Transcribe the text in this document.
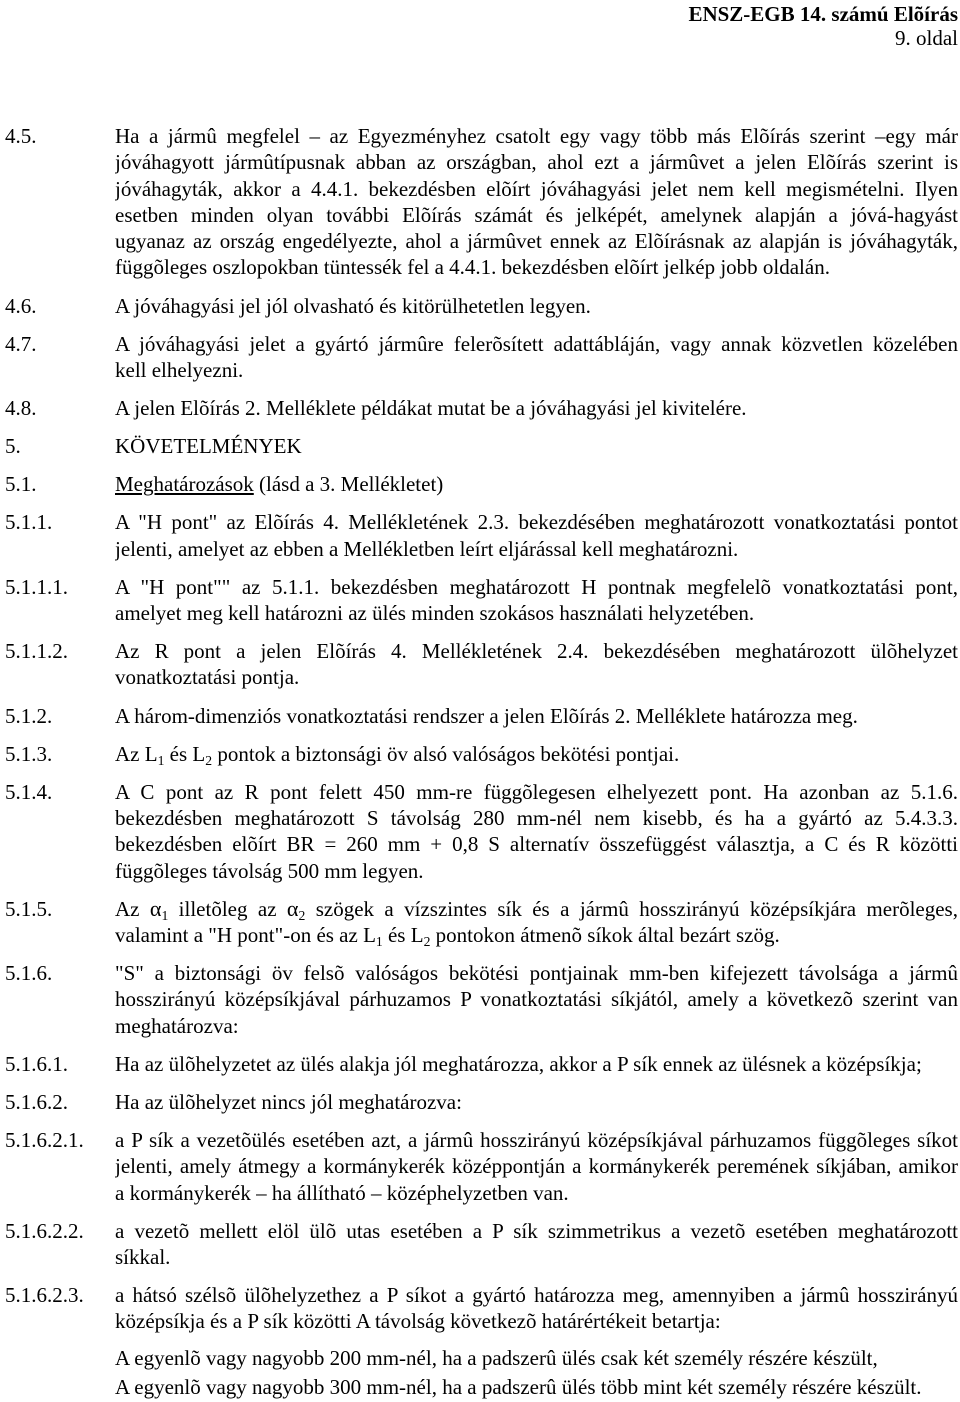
ENSZ-EGB 14. számú Elõírás
9. oldal
4.5.	Ha a jármû megfelel – az Egyezményhez csatolt egy vagy több más Elõírás szerint –egy már
jóváhagyott jármûtípusnak abban az országban, ahol ezt a jármûvet a jelen Elõírás szerint is
jóváhagyták, akkor a 4.4.1. bekezdésben elõírt jóváhagyási jelet nem kell megismételni. Ilyen
esetben minden olyan további Elõírás számát és jelképét, amelynek alapján a jóvá-hagyást
ugyanaz az ország engedélyezte, ahol a jármûvet ennek az Elõírásnak az alapján is jóváhagyták,
függõleges oszlopokban tüntessék fel a 4.4.1. bekezdésben elõírt jelkép jobb oldalán.
4.6.	A jóváhagyási jel jól olvasható és kitörülhetetlen legyen.
4.7.	A jóváhagyási jelet a gyártó jármûre felerõsített adattábláján, vagy annak közvetlen közelében
kell elhelyezni.
4.8.	A jelen Elõírás 2. Melléklete példákat mutat be a jóváhagyási jel kivitelére.
5.	KÖVETELMÉNYEK
5.1.	Meghatározások (lásd a 3. Mellékletet)
5.1.1.	A "H pont" az Elõírás 4. Mellékletének 2.3. bekezdésében meghatározott vonatkoztatási pontot
jelenti, amelyet az ebben a Mellékletben leírt eljárással kell meghatározni.
5.1.1.1. A "H pont"" az 5.1.1. bekezdésben meghatározott H pontnak megfelelõ vonatkoztatási pont,
amelyet meg kell határozni az ülés minden szokásos használati helyzetében.
5.1.1.2. Az R pont a jelen Elõírás 4. Mellékletének 2.4. bekezdésében meghatározott ülõhelyzet
vonatkoztatási pontja.
5.1.2.	A három-dimenziós vonatkoztatási rendszer a jelen Elõírás 2. Melléklete határozza meg.
5.1.3.	Az L1 és L2 pontok a biztonsági öv alsó valóságos bekötési pontjai.
5.1.4.	A C pont az R pont felett 450 mm-re függõlegesen elhelyezett pont. Ha azonban az 5.1.6.
bekezdésben meghatározott S távolság 280 mm-nél nem kisebb, és ha a gyártó az 5.4.3.3.
bekezdésben elõírt BR = 260 mm + 0,8 S alternatív összefüggést választja, a C és R közötti
függõleges távolság 500 mm legyen.
5.1.5.	Az α1 illetõleg az α2 szögek a vízszintes sík és a jármû hosszirányú középsíkjára merõleges,
valamint a "H pont"-on és az L1 és L2 pontokon átmenõ síkok által bezárt szög.
5.1.6.	"S" a biztonsági öv felsõ valóságos bekötési pontjainak mm-ben kifejezett távolsága a jármû
hosszirányú középsíkjával párhuzamos P vonatkoztatási síkjától, amely a következõ szerint van
meghatározva:
5.1.6.1. Ha az ülõhelyzetet az ülés alakja jól meghatározza, akkor a P sík ennek az ülésnek a középsíkja;
5.1.6.2. Ha az ülõhelyzet nincs jól meghatározva:
5.1.6.2.1. a P sík a vezetõülés esetében azt, a jármû hosszirányú középsíkjával párhuzamos függõleges síkot
jelenti, amely átmegy a kormánykerék középpontján a kormánykerék peremének síkjában, amikor
a kormánykerék – ha állítható – középhelyzetben van.
5.1.6.2.2. a vezetõ mellett elöl ülõ utas esetében a P sík szimmetrikus a vezetõ esetében meghatározott
síkkal.
5.1.6.2.3. a hátsó szélsõ ülõhelyzethez a P síkot a gyártó határozza meg, amennyiben a jármû hosszirányú
középsíkja és a P sík közötti A távolság következõ határértékeit betartja:
A egyenlõ vagy nagyobb 200 mm-nél, ha a padszerû ülés csak két személy részére készült,
A egyenlõ vagy nagyobb 300 mm-nél, ha a padszerû ülés több mint két személy részére készült.
